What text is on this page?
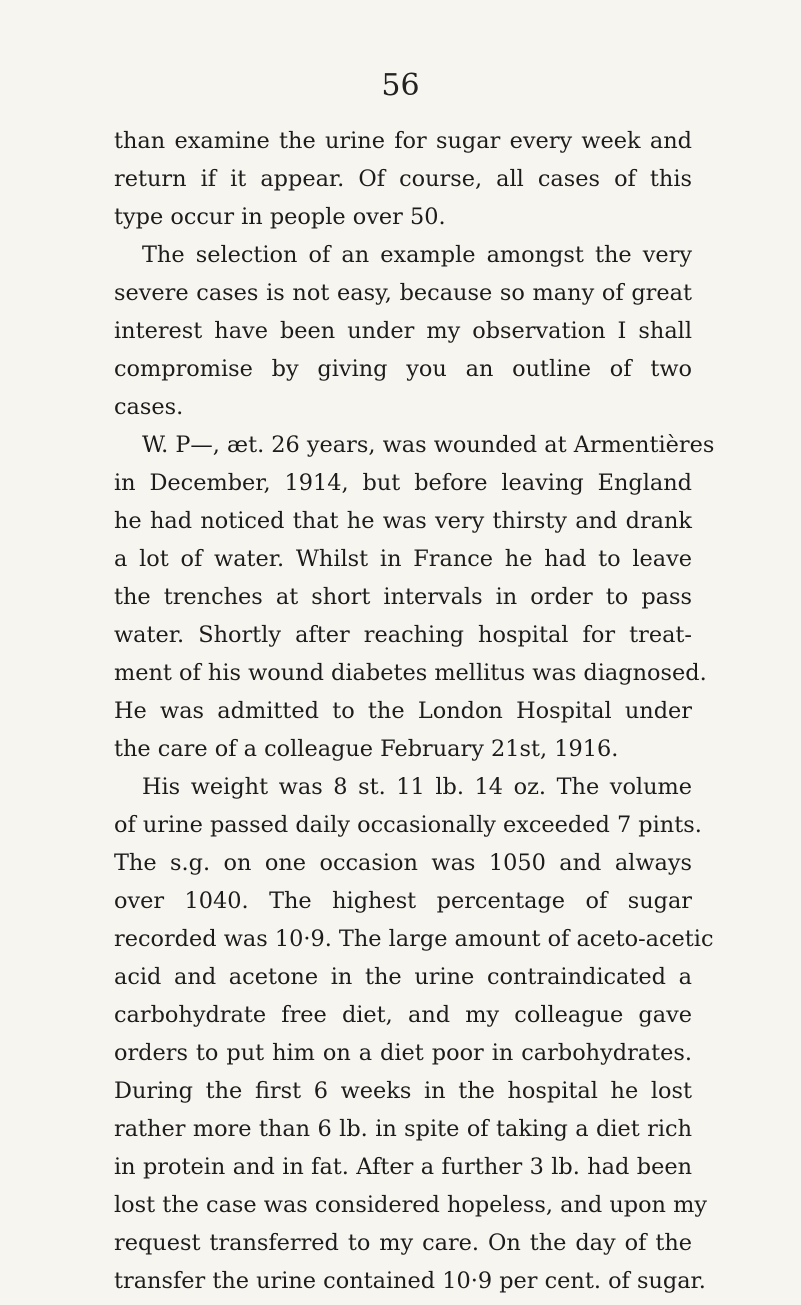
56
than examine the urine for sugar every week and
return if it appear. Of course, all cases of this
type occur in people over 50.
The selection of an example amongst the very
severe cases is not easy, because so many of great
interest have been under my observation I shall
compromise by giving you an outline of two
cases.
W. P—, æt. 26 years, was wounded at Armentières
in December, 1914, but before leaving England
he had noticed that he was very thirsty and drank
a lot of water. Whilst in France he had to leave
the trenches at short intervals in order to pass
water. Shortly after reaching hospital for treat-
ment of his wound diabetes mellitus was diagnosed.
He was admitted to the London Hospital under
the care of a colleague February 21st, 1916.
His weight was 8 st. 11 lb. 14 oz. The volume
of urine passed daily occasionally exceeded 7 pints.
The s.g. on one occasion was 1050 and always
over 1040. The highest percentage of sugar
recorded was 10·9. The large amount of aceto-acetic
acid and acetone in the urine contraindicated a
carbohydrate free diet, and my colleague gave
orders to put him on a diet poor in carbohydrates.
During the first 6 weeks in the hospital he lost
rather more than 6 lb. in spite of taking a diet rich
in protein and in fat. After a further 3 lb. had been
lost the case was considered hopeless, and upon my
request transferred to my care. On the day of the
transfer the urine contained 10·9 per cent. of sugar.
